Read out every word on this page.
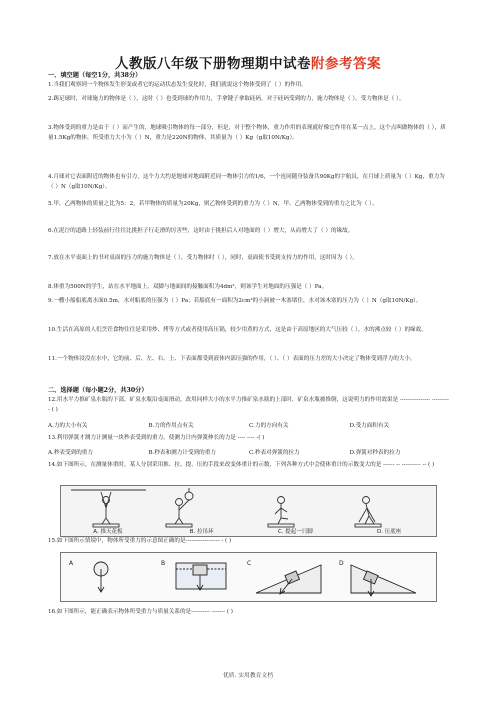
人教版八年级下册物理期中试卷附参考答案
一、填空题（每空1分，共38分）
1.当我们观察到一个物体发生形变或者它的运动状态发生变化时，我们就说这个物体受到了（ ）的作用。
2.踢足球时，对球施力的物体是（ ），这时（ ）也受到球的作用力，手拿键子拿取硅码，对于硅码受到的力，施力物体是（ ），受力物体是（ ）。
3.物体受到的重力是由于（ ）而产生的，地球吸引物体的每一部分，但是，对于整个物体，重力作用的表现就好像它作用在某一点上，这个点叫做物体的（ ），质量1.5Kg的物体，所受重力大小为（ ）N，重力是220N的物体，其质量为（ ）Kg（g取10N/Kg）。
4.月球对它表面附近的物体也有引力，这个力大约是地球对地面附近同一物体引力的1/6，一个连同随身装备共90Kg的宇航员，在月球上质量为（ ）Kg，重力为（ ）N（g取10N/Kg）。
5.甲、乙两物体的质量之比为5：2，若甲物体的质量为20Kg，则乙物体受到的重力为（ ）N，甲、乙两物体受到的重力之比为（ ）。
6.在泥泞的道路上轻装前行往往比挑担子行走滑的厉害些，这时由于挑担后人对地面的（ ）增大，从而增大了（ ）的缘故。
7.放在水平桌面上的书对桌面的压力的施力物体是（ ），受力物体时（ ），同时，桌面使书受到支持力的作用，这时因为（ ）。
8.体重为500N的学生，站在水平地面上，双脚与地面间的接触面积为4dm²，则该学生对地面的压强是（ ）Pa。
9.一艘小船船底离水面0.5m，水对船底的压强为（ ）Pa；若船底有一面积为2cm²的小洞被一木塞堵住，水对该木塞的压力为（ ）N（g取10N/Kg）。
10.生活在高原的人们烹饪食物往往是采用炒、烤等方式或者使用高压锅，较少用煮的方式，这是由于高原地区的大气压较（ ），水的沸点较（ ）的缘故。
11.一个物体浸没在水中，它的前、后、左、右、上、下表面都受到液体内部压强的作用，（ ）、（ ）表面的压力差的大小决定了物体受到浮力的大小。
二、选择题（每小题2分，共30分）
12.用水平力推矿泉水瓶的下部，矿泉水瓶沿桌面滑动，改用同样大小的水平力推矿泉水瓶的上部时，矿泉水瓶被推倒，这说明力的作用效果是 ---------------- ---------- ( )
A.力的大小有关	B.力的作用点有关	C.力的方向有关	D.受力面积有关
13.利用弹簧才测力计测量一块秒表受到的重力，使测力计内弹簧伸长的力是 ---- ---- -( )
A.秒表受到的重力	B.秒表和测力计受到的重力	C.秒表对弹簧的拉力	D.弹簧对秒表的拉力
14.如下图所示，在测量体重时，某人分别采用推、拉、提、压的手段来改变体重计的示数，下列各种方式中会使体重计的示数变大的是 ------ -- ---------- -- ( )
A. 推天花板	B. 拉吊环	C. 提起一只脚	D. 压底座
15.如下图所示情境中，物体所受重力的示意图正确的是------------------ - ( )
A	B	C	D
16.如下图所示，能正确表示物体所受重力与质量关系的是---------- ------- ( )
优质. 实用教育文档
